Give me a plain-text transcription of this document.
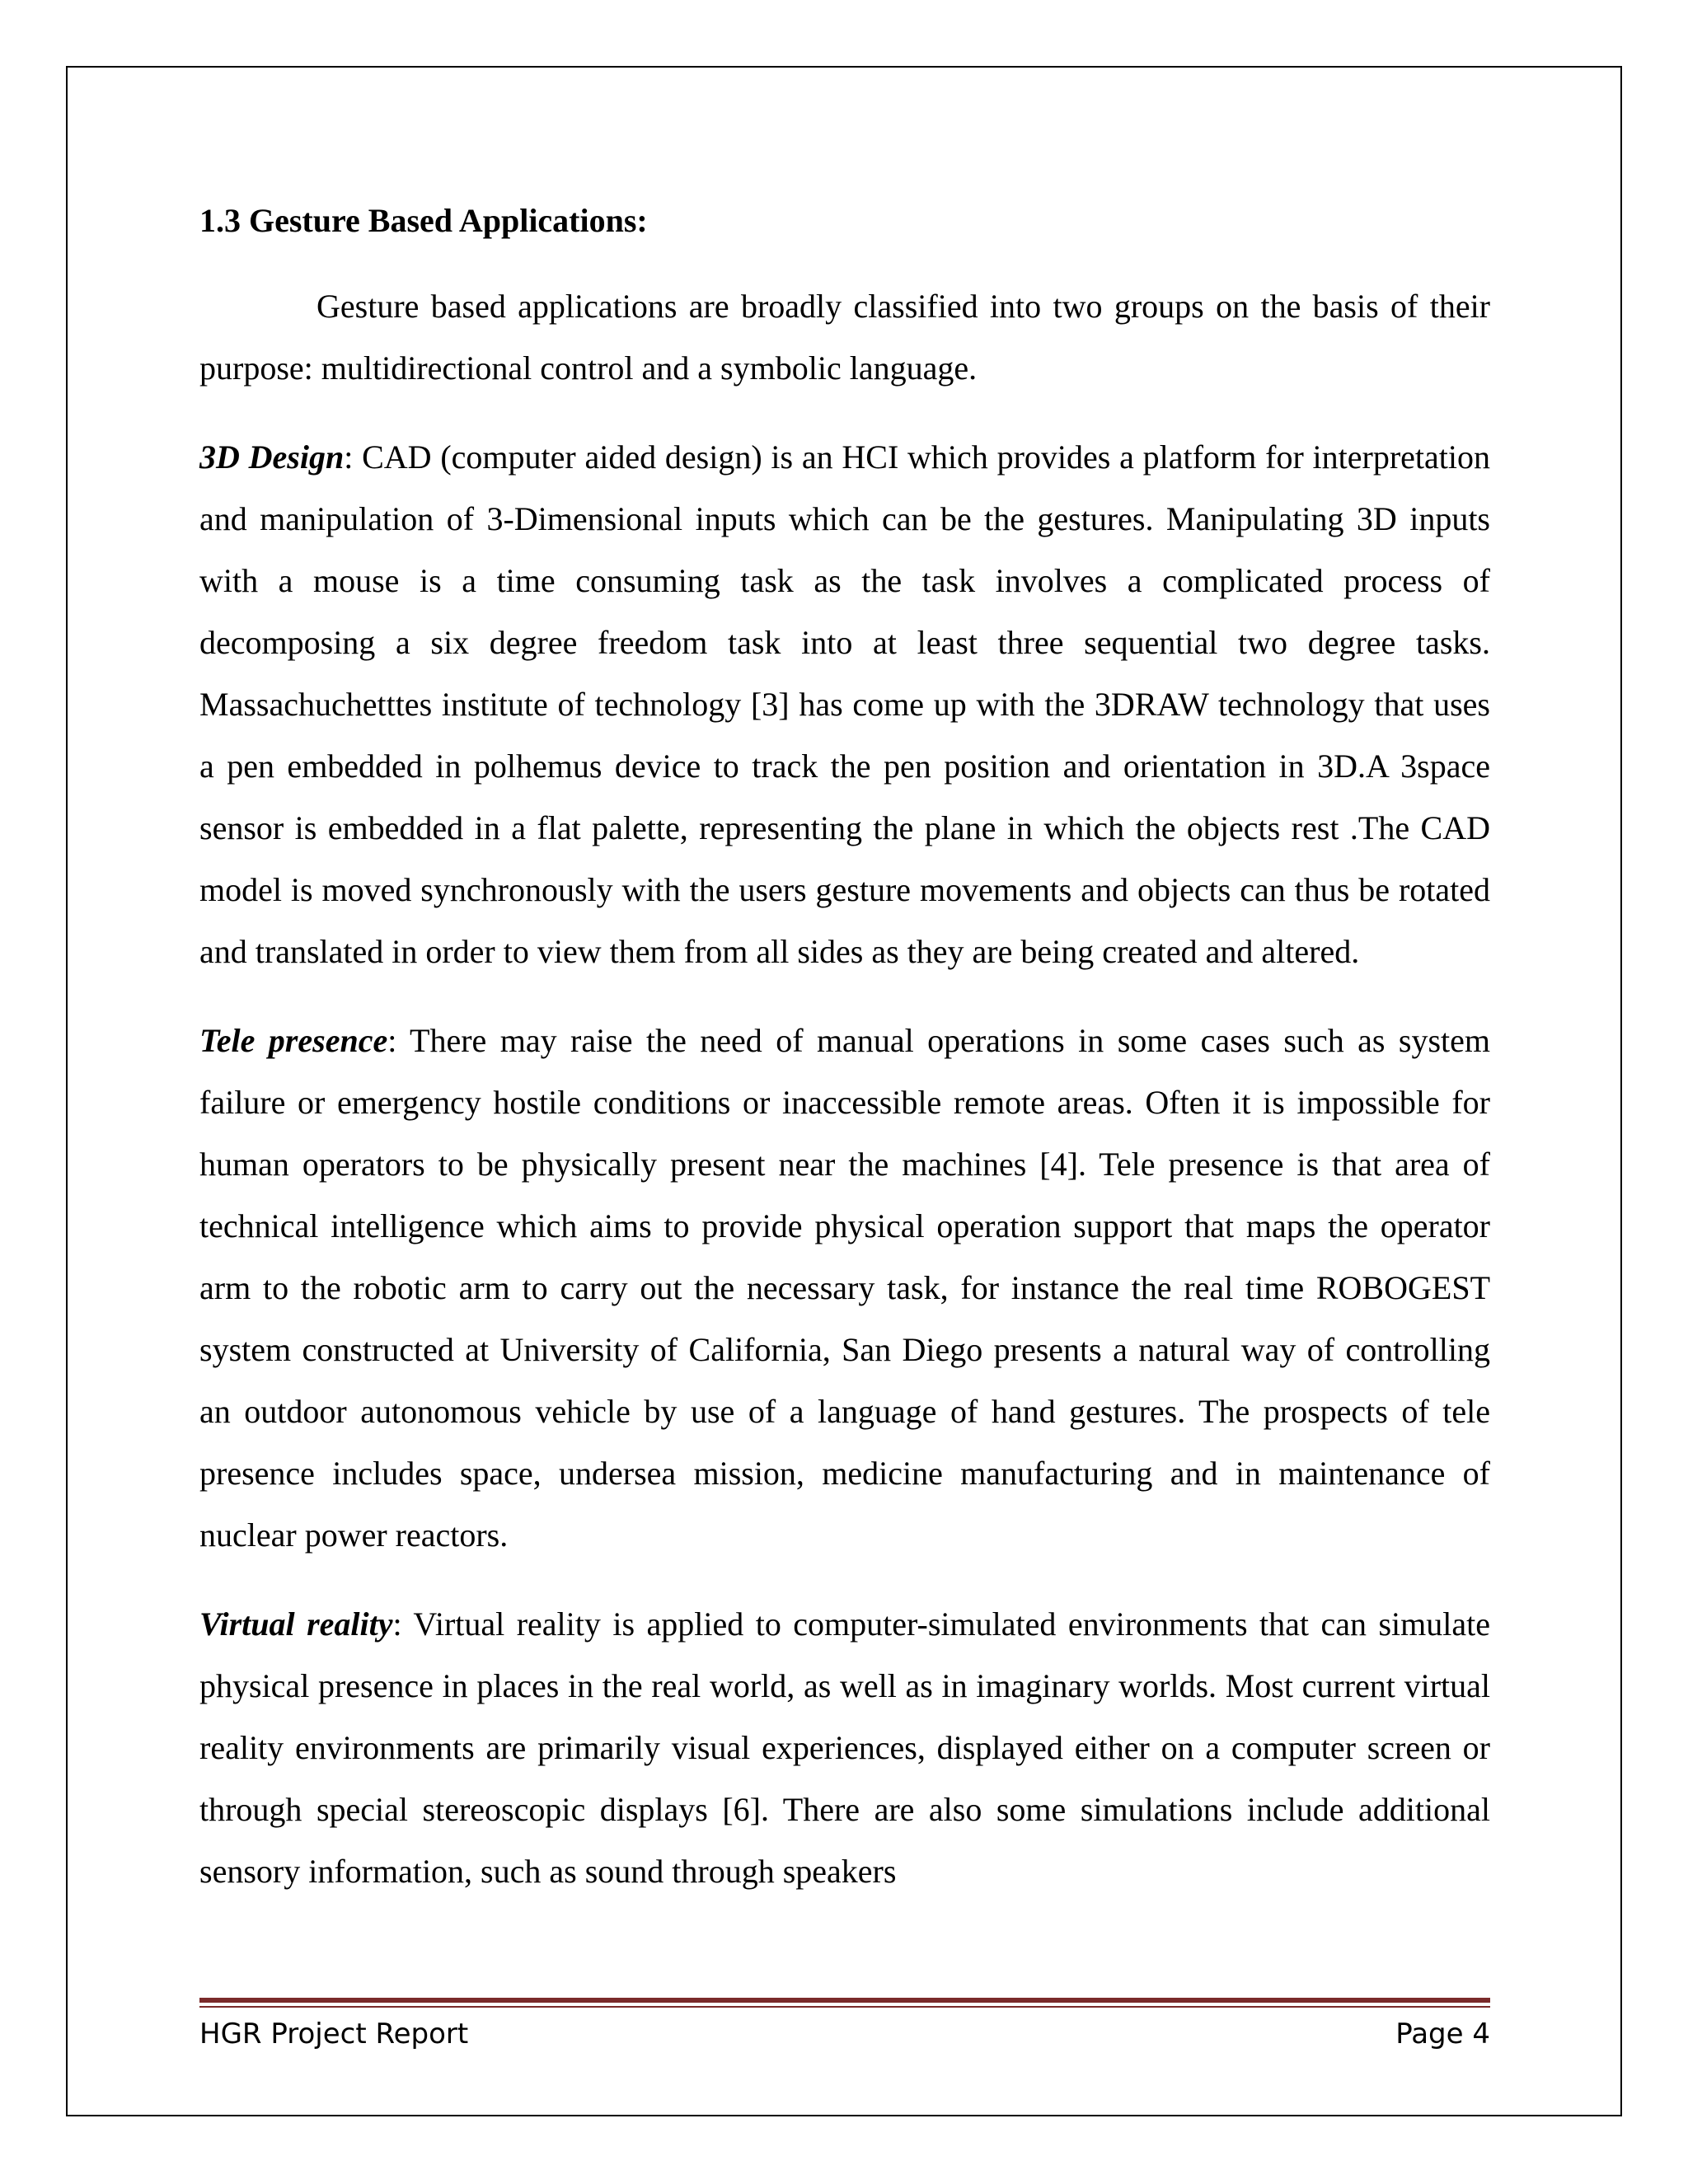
1.3 Gesture Based Applications:

Gesture based applications are broadly classified into two groups on the basis of their purpose: multidirectional control and a symbolic language.

3D Design: CAD (computer aided design) is an HCI which provides a platform for interpretation and manipulation of 3-Dimensional inputs which can be the gestures. Manipulating 3D inputs with a mouse is a time consuming task as the task involves a complicated process of decomposing a six degree freedom task into at least three sequential two degree tasks. Massachuchetttes institute of technology [3] has come up with the 3DRAW technology that uses a pen embedded in polhemus device to track the pen position and orientation in 3D.A 3space sensor is embedded in a flat palette, representing the plane in which the objects rest .The CAD model is moved synchronously with the users gesture movements and objects can thus be rotated and translated in order to view them from all sides as they are being created and altered.

Tele presence: There may raise the need of manual operations in some cases such as system failure or emergency hostile conditions or inaccessible remote areas. Often it is impossible for human operators to be physically present near the machines [4]. Tele presence is that area of technical intelligence which aims to provide physical operation support that maps the operator arm to the robotic arm to carry out the necessary task, for instance the real time ROBOGEST system constructed at University of California, San Diego presents a natural way of controlling an outdoor autonomous vehicle by use of a language of hand gestures. The prospects of tele presence includes space, undersea mission, medicine manufacturing and in maintenance of nuclear power reactors.

Virtual reality: Virtual reality is applied to computer-simulated environments that can simulate physical presence in places in the real world, as well as in imaginary worlds. Most current virtual reality environments are primarily visual experiences, displayed either on a computer screen or through special stereoscopic displays [6]. There are also some simulations include additional sensory information, such as sound through speakers

HGR Project Report	Page 4
